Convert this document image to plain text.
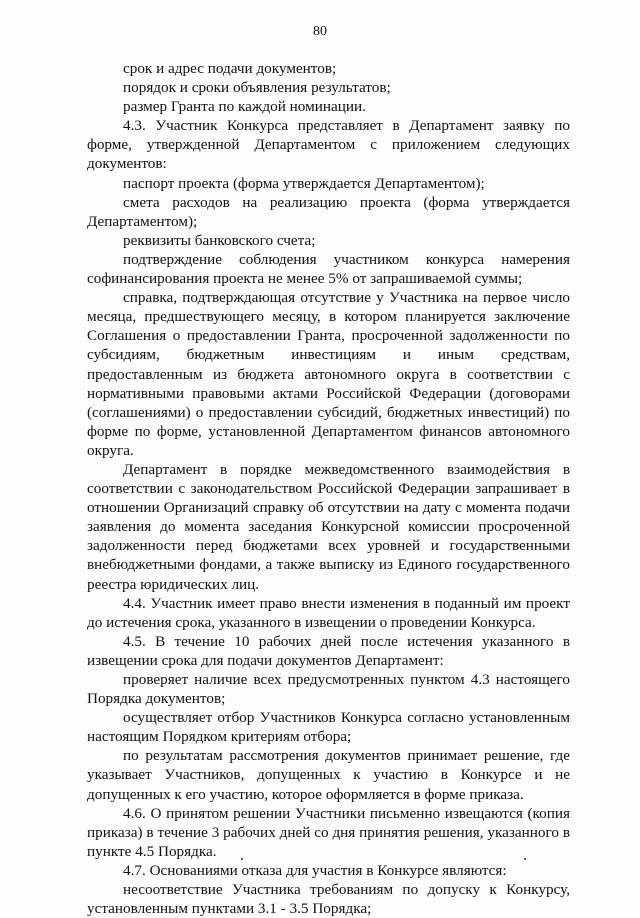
80

срок и адрес подачи документов;

порядок и сроки объявления результатов;

размер Гранта по каждой номинации.

4.3. Участник Конкурса представляет в Департамент заявку по форме, утвержденной Департаментом с приложением следующих документов:

паспорт проекта (форма утверждается Департаментом);

смета расходов на реализацию проекта (форма утверждается Департаментом);

реквизиты банковского счета;

подтверждение соблюдения участником конкурса намерения софинансирования проекта не менее 5% от запрашиваемой суммы;

справка, подтверждающая отсутствие у Участника на первое число месяца, предшествующего месяцу, в котором планируется заключение Соглашения о предоставлении Гранта, просроченной задолженности по субсидиям, бюджетным инвестициям и иным средствам, предоставленным из бюджета автономного округа в соответствии с нормативными правовыми актами Российской Федерации (договорами (соглашениями) о предоставлении субсидий, бюджетных инвестиций) по форме по форме, установленной Департаментом финансов автономного округа.

Департамент в порядке межведомственного взаимодействия в соответствии с законодательством Российской Федерации запрашивает в отношении Организаций справку об отсутствии на дату с момента подачи заявления до момента заседания Конкурсной комиссии просроченной задолженности перед бюджетами всех уровней и государственными внебюджетными фондами, а также выписку из Единого государственного реестра юридических лиц.

4.4. Участник имеет право внести изменения в поданный им проект до истечения срока, указанного в извещении о проведении Конкурса.

4.5. В течение 10 рабочих дней после истечения указанного в извещении срока для подачи документов Департамент:

проверяет наличие всех предусмотренных пунктом 4.3 настоящего Порядка документов;

осуществляет отбор Участников Конкурса согласно установленным настоящим Порядком критериям отбора;

по результатам рассмотрения документов принимает решение, где указывает Участников, допущенных к участию в Конкурсе и не допущенных к его участию, которое оформляется в форме приказа.

4.6. О принятом решении Участники письменно извещаются (копия приказа) в течение 3 рабочих дней со дня принятия решения, указанного в пункте 4.5 Порядка.

4.7. Основаниями отказа для участия в Конкурсе являются:

несоответствие Участника требованиям по допуску к Конкурсу, установленным пунктами 3.1 - 3.5 Порядка;
